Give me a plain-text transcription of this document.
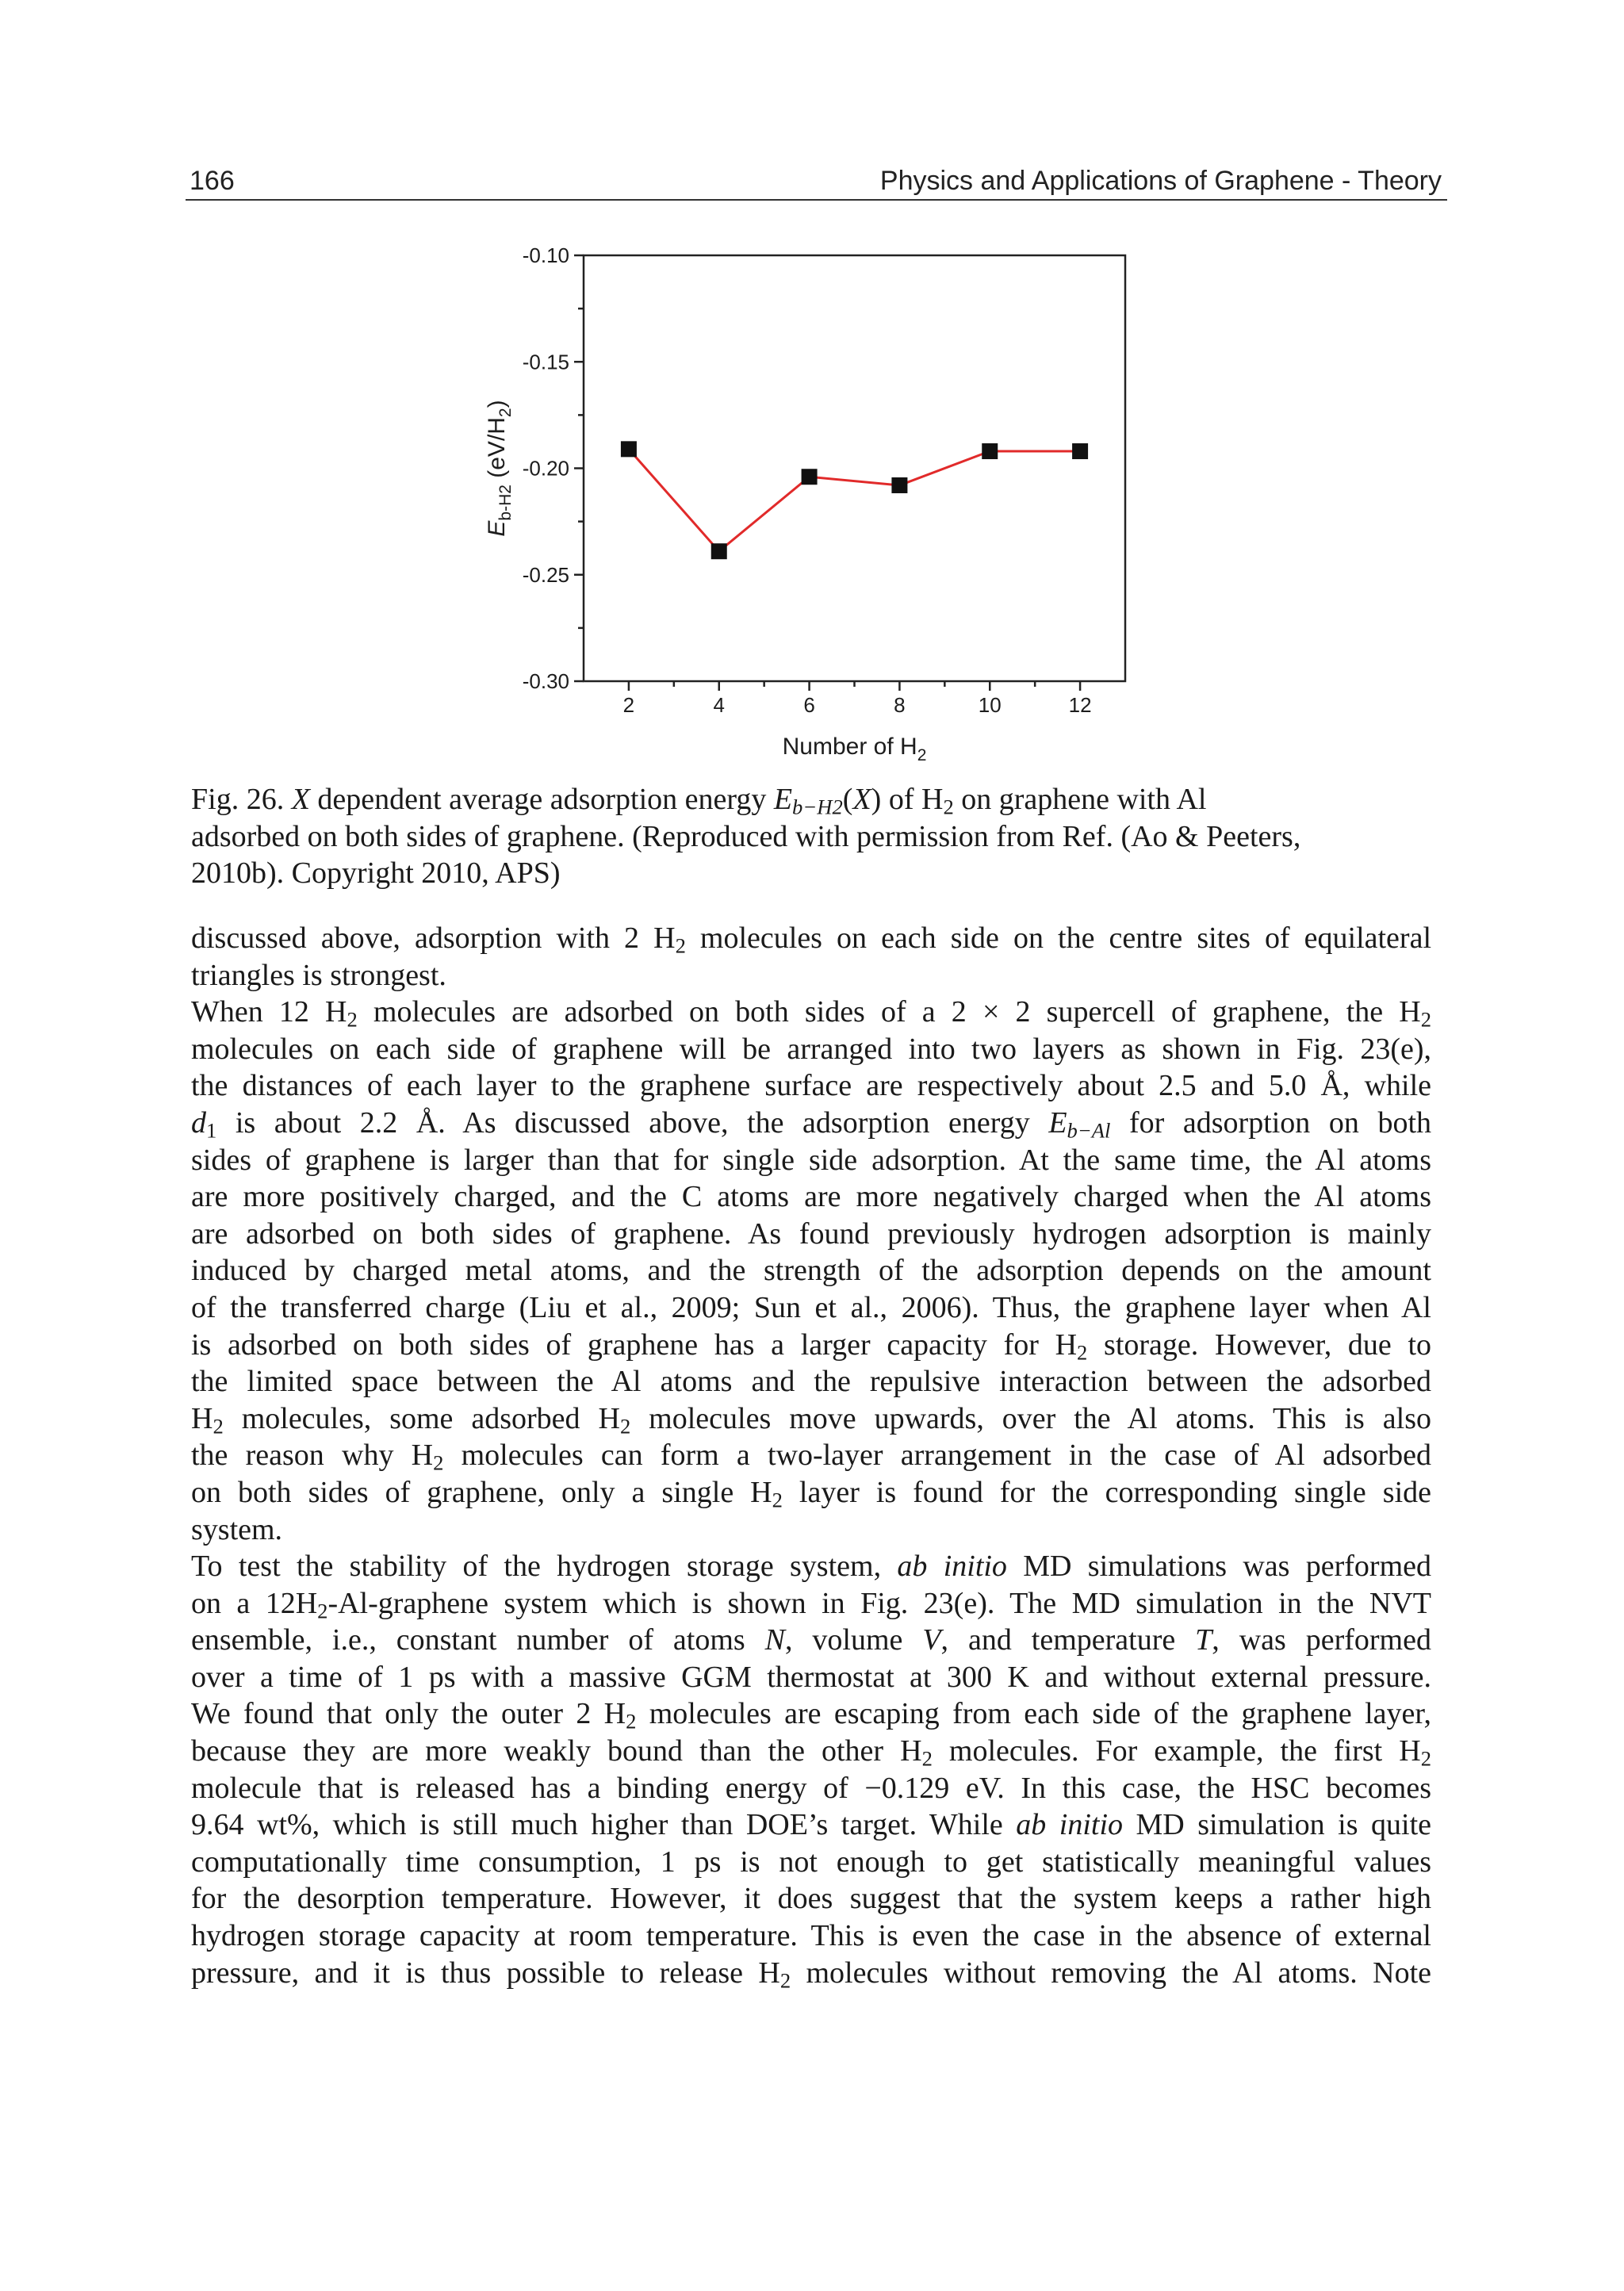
166	Physics and Applications of Graphene - Theory
-0.30
-0.25
-0.20
-0.15
-0.10
2	4	6	8	10	12
Number of $H_2$
$E_{b-H2}$ $(eV/H_2)$
Fig. 26. X dependent average adsorption energy Eb−H2(X) of H2 on graphene with Al
adsorbed on both sides of graphene. (Reproduced with permission from Ref. (Ao & Peeters,
2010b). Copyright 2010, APS)
discussed above, adsorption with 2 H2 molecules on each side on the centre sites of equilateral
triangles is strongest.
When 12 H2 molecules are adsorbed on both sides of a 2 × 2 supercell of graphene, the H2
molecules on each side of graphene will be arranged into two layers as shown in Fig. 23(e),
the distances of each layer to the graphene surface are respectively about 2.5 and 5.0 Å, while
d1 is about 2.2 Å. As discussed above, the adsorption energy Eb−Al for adsorption on both
sides of graphene is larger than that for single side adsorption. At the same time, the Al atoms
are more positively charged, and the C atoms are more negatively charged when the Al atoms
are adsorbed on both sides of graphene. As found previously hydrogen adsorption is mainly
induced by charged metal atoms, and the strength of the adsorption depends on the amount
of the transferred charge (Liu et al., 2009; Sun et al., 2006). Thus, the graphene layer when Al
is adsorbed on both sides of graphene has a larger capacity for H2 storage. However, due to
the limited space between the Al atoms and the repulsive interaction between the adsorbed
H2 molecules, some adsorbed H2 molecules move upwards, over the Al atoms. This is also
the reason why H2 molecules can form a two-layer arrangement in the case of Al adsorbed
on both sides of graphene, only a single H2 layer is found for the corresponding single side
system.
To test the stability of the hydrogen storage system, ab initio MD simulations was performed
on a 12H2-Al-graphene system which is shown in Fig. 23(e). The MD simulation in the NVT
ensemble, i.e., constant number of atoms N, volume V, and temperature T, was performed
over a time of 1 ps with a massive GGM thermostat at 300 K and without external pressure.
We found that only the outer 2 H2 molecules are escaping from each side of the graphene layer,
because they are more weakly bound than the other H2 molecules. For example, the first H2
molecule that is released has a binding energy of −0.129 eV. In this case, the HSC becomes
9.64 wt%, which is still much higher than DOE’s target. While ab initio MD simulation is quite
computationally time consumption, 1 ps is not enough to get statistically meaningful values
for the desorption temperature. However, it does suggest that the system keeps a rather high
hydrogen storage capacity at room temperature. This is even the case in the absence of external
pressure, and it is thus possible to release H2 molecules without removing the Al atoms. Note
